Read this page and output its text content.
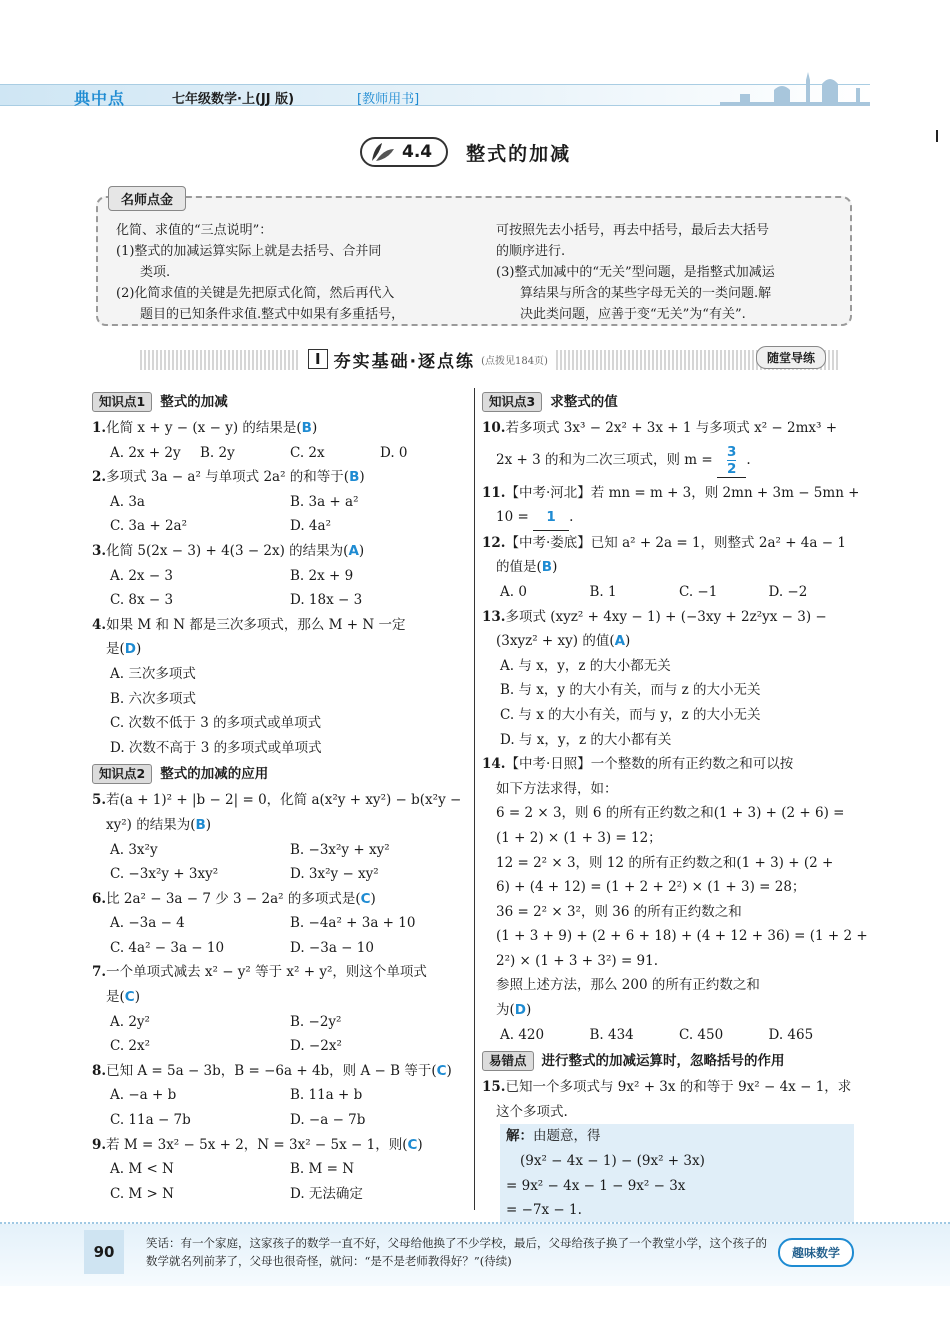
典中点	七年级数学·上(JJ 版)	[教师用书]
4.4 整式的加减
化简、求值的“三点说明”：
(1)整式的加减运算实际上就是去括号、合并同
类项.
(2)化简求值的关键是先把原式化简，然后再代入
题目的已知条件求值.整式中如果有多重括号，
可按照先去小括号，再去中括号，最后去大括号
的顺序进行.
(3)整式加减中的“无关”型问题，是指整式加减运
算结果与所含的某些字母无关的一类问题.解
决此类问题，应善于变“无关”为“有关”.
名师点金
I 夯实基础·逐点练 (点拨见184页)	随堂导练
知识点1	整式的加减
1.化简 x + y − (x − y) 的结果是(B)
A. 2x + 2y	B. 2y	C. 2x	D. 0
2.多项式 3a − a² 与单项式 2a² 的和等于(B)
A. 3a	B. 3a + a²
C. 3a + 2a²	D. 4a²
3.化简 5(2x − 3) + 4(3 − 2x) 的结果为(A)
A. 2x − 3	B. 2x + 9
C. 8x − 3	D. 18x − 3
4.如果 M 和 N 都是三次多项式，那么 M + N 一定
是(D)
A. 三次多项式
B. 六次多项式
C. 次数不低于 3 的多项式或单项式
D. 次数不高于 3 的多项式或单项式
知识点2	整式的加减的应用
5.若(a + 1)² + |b − 2| = 0，化简 a(x²y + xy²) − b(x²y −
xy²) 的结果为(B)
A. 3x²y	B. −3x²y + xy²
C. −3x²y + 3xy²	D. 3x²y − xy²
6.比 2a² − 3a − 7 少 3 − 2a² 的多项式是(C)
A. −3a − 4	B. −4a² + 3a + 10
C. 4a² − 3a − 10	D. −3a − 10
7.一个单项式减去 x² − y² 等于 x² + y²，则这个单项式
是(C)
A. 2y²	B. −2y²
C. 2x²	D. −2x²
8.已知 A = 5a − 3b，B = −6a + 4b，则 A − B 等于(C)
A. −a + b	B. 11a + b
C. 11a − 7b	D. −a − 7b
9.若 M = 3x² − 5x + 2，N = 3x² − 5x − 1，则(C)
A. M < N	B. M = N
C. M > N	D. 无法确定
知识点3	求整式的值
10.若多项式 3x³ − 2x² + 3x + 1 与多项式 x² − 2mx³ +
2x + 3 的和为二次三项式，则 m =
$\frac{3}{2}$ .
11.【中考·河北】若 mn = m + 3，则 2mn + 3m − 5mn +
10 = 1 .
12.【中考·娄底】已知 a² + 2a = 1，则整式 2a² + 4a − 1
的值是(B)
A. 0	B. 1	C. −1	D. −2
13.多项式 (xyz² + 4xy − 1) + (−3xy + 2z²yx − 3) −
(3xyz² + xy) 的值(A)
A. 与 x，y，z 的大小都无关
B. 与 x，y 的大小有关，而与 z 的大小无关
C. 与 x 的大小有关，而与 y，z 的大小无关
D. 与 x，y，z 的大小都有关
14.【中考·日照】一个整数的所有正约数之和可以按
如下方法求得，如：
6 = 2 × 3，则 6 的所有正约数之和(1 + 3) + (2 + 6) =
(1 + 2) × (1 + 3) = 12；
12 = 2² × 3，则 12 的所有正约数之和(1 + 3) + (2 +
6) + (4 + 12) = (1 + 2 + 2²) × (1 + 3) = 28；
36 = 2² × 3²，则 36 的所有正约数之和
(1 + 3 + 9) + (2 + 6 + 18) + (4 + 12 + 36) = (1 + 2 +
2²) × (1 + 3 + 3²) = 91.
参照上述方法，那么 200 的所有正约数之和
为(D)
A. 420	B. 434	C. 450	D. 465
易错点	进行整式的加减运算时，忽略括号的作用
15.已知一个多项式与 9x² + 3x 的和等于 9x² − 4x − 1，求
这个多项式.
解：由题意，得
(9x² − 4x − 1) − (9x² + 3x)
= 9x² − 4x − 1 − 9x² − 3x
= −7x − 1.
90	笑话：有一个家庭，这家孩子的数学一直不好，父母给他换了不少学校，最后，父母给孩子换了一个教堂小学，这个孩子的数学就名列前茅了，父母也很奇怪，就问：“是不是老师教得好？”(待续)
趣味数学
